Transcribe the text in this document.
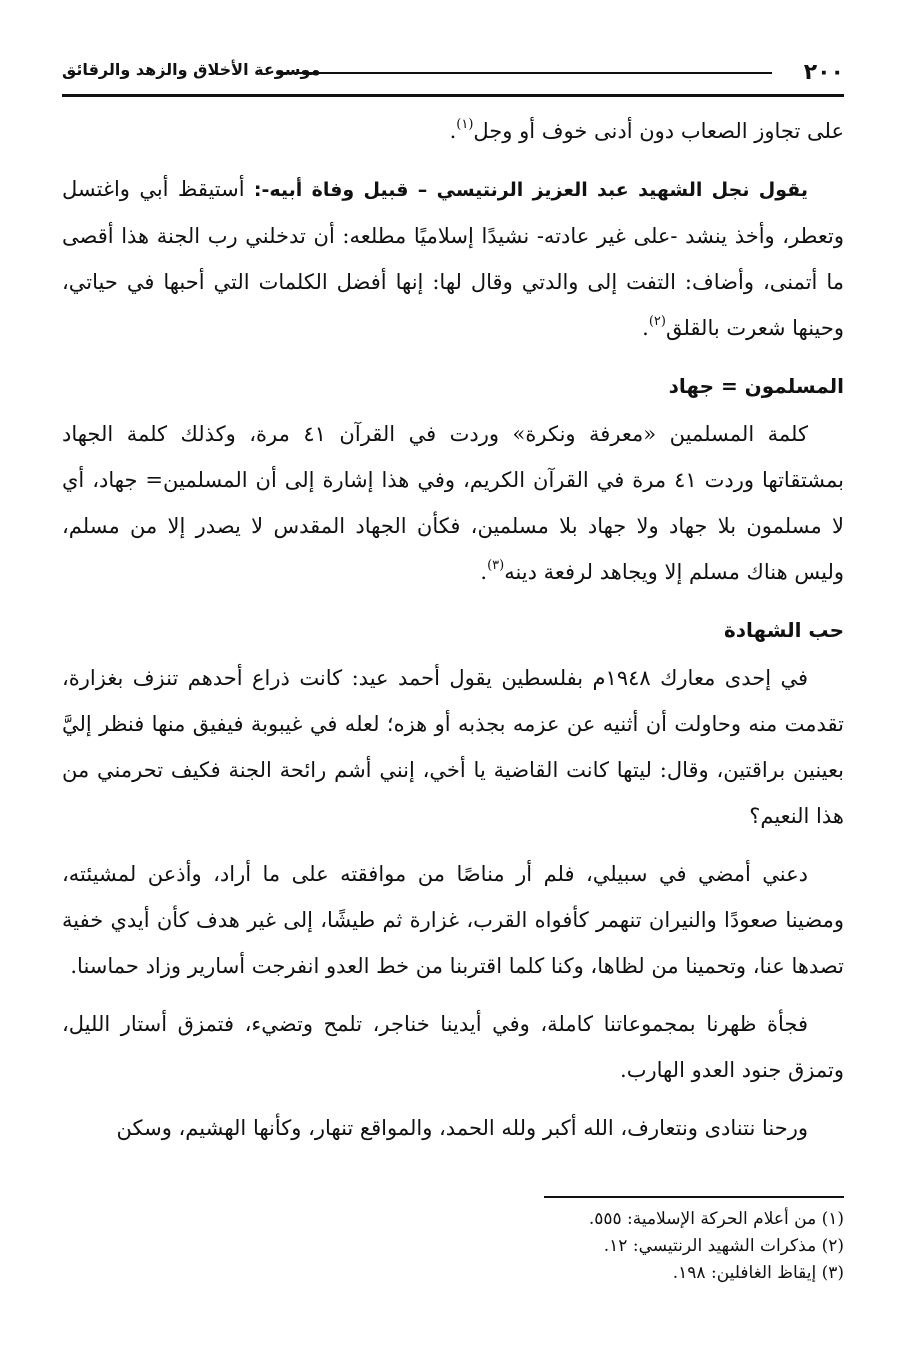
٢٠٠
موسوعة الأخلاق والزهد والرقائق

على تجاوز الصعاب دون أدنى خوف أو وجل$^{(١)}$.

يقول نجل الشهيد عبد العزيز الرنتيسي – قبيل وفاة أبيه-: أستيقظ أبي واغتسل وتعطر، وأخذ ينشد -على غير عادته- نشيدًا إسلاميًا مطلعه: أن تدخلني رب الجنة هذا أقصى ما أتمنى، وأضاف: التفت إلى والدتي وقال لها: إنها أفضل الكلمات التي أحبها في حياتي، وحينها شعرت بالقلق$^{(٢)}$.

المسلمون = جهاد

كلمة المسلمين «معرفة ونكرة» وردت في القرآن ٤١ مرة، وكذلك كلمة الجهاد بمشتقاتها وردت ٤١ مرة في القرآن الكريم، وفي هذا إشارة إلى أن المسلمين= جهاد، أي لا مسلمون بلا جهاد ولا جهاد بلا مسلمين، فكأن الجهاد المقدس لا يصدر إلا من مسلم، وليس هناك مسلم إلا ويجاهد لرفعة دينه$^{(٣)}$.

حب الشهادة

في إحدى معارك ١٩٤٨م بفلسطين يقول أحمد عيد: كانت ذراع أحدهم تنزف بغزارة، تقدمت منه وحاولت أن أثنيه عن عزمه بجذبه أو هزه؛ لعله في غيبوبة فيفيق منها فنظر إليَّ بعينين براقتين، وقال: ليتها كانت القاضية يا أخي، إنني أشم رائحة الجنة فكيف تحرمني من هذا النعيم؟

دعني أمضي في سبيلي، فلم أر مناصًا من موافقته على ما أراد، وأذعن لمشيئته، ومضينا صعودًا والنيران تنهمر كأفواه القرب، غزارة ثم طيشًا، إلى غير هدف كأن أيدي خفية تصدها عنا، وتحمينا من لظاها، وكنا كلما اقتربنا من خط العدو انفرجت أسارير وزاد حماسنا.

فجأة ظهرنا بمجموعاتنا كاملة، وفي أيدينا خناجر، تلمح وتضيء، فتمزق أستار الليل، وتمزق جنود العدو الهارب.

ورحنا نتنادى ونتعارف، الله أكبر ولله الحمد، والمواقع تنهار، وكأنها الهشيم، وسكن

(١) من أعلام الحركة الإسلامية: ٥٥٥.
(٢) مذكرات الشهيد الرنتيسي: ١٢.
(٣) إيقاظ الغافلين: ١٩٨.
